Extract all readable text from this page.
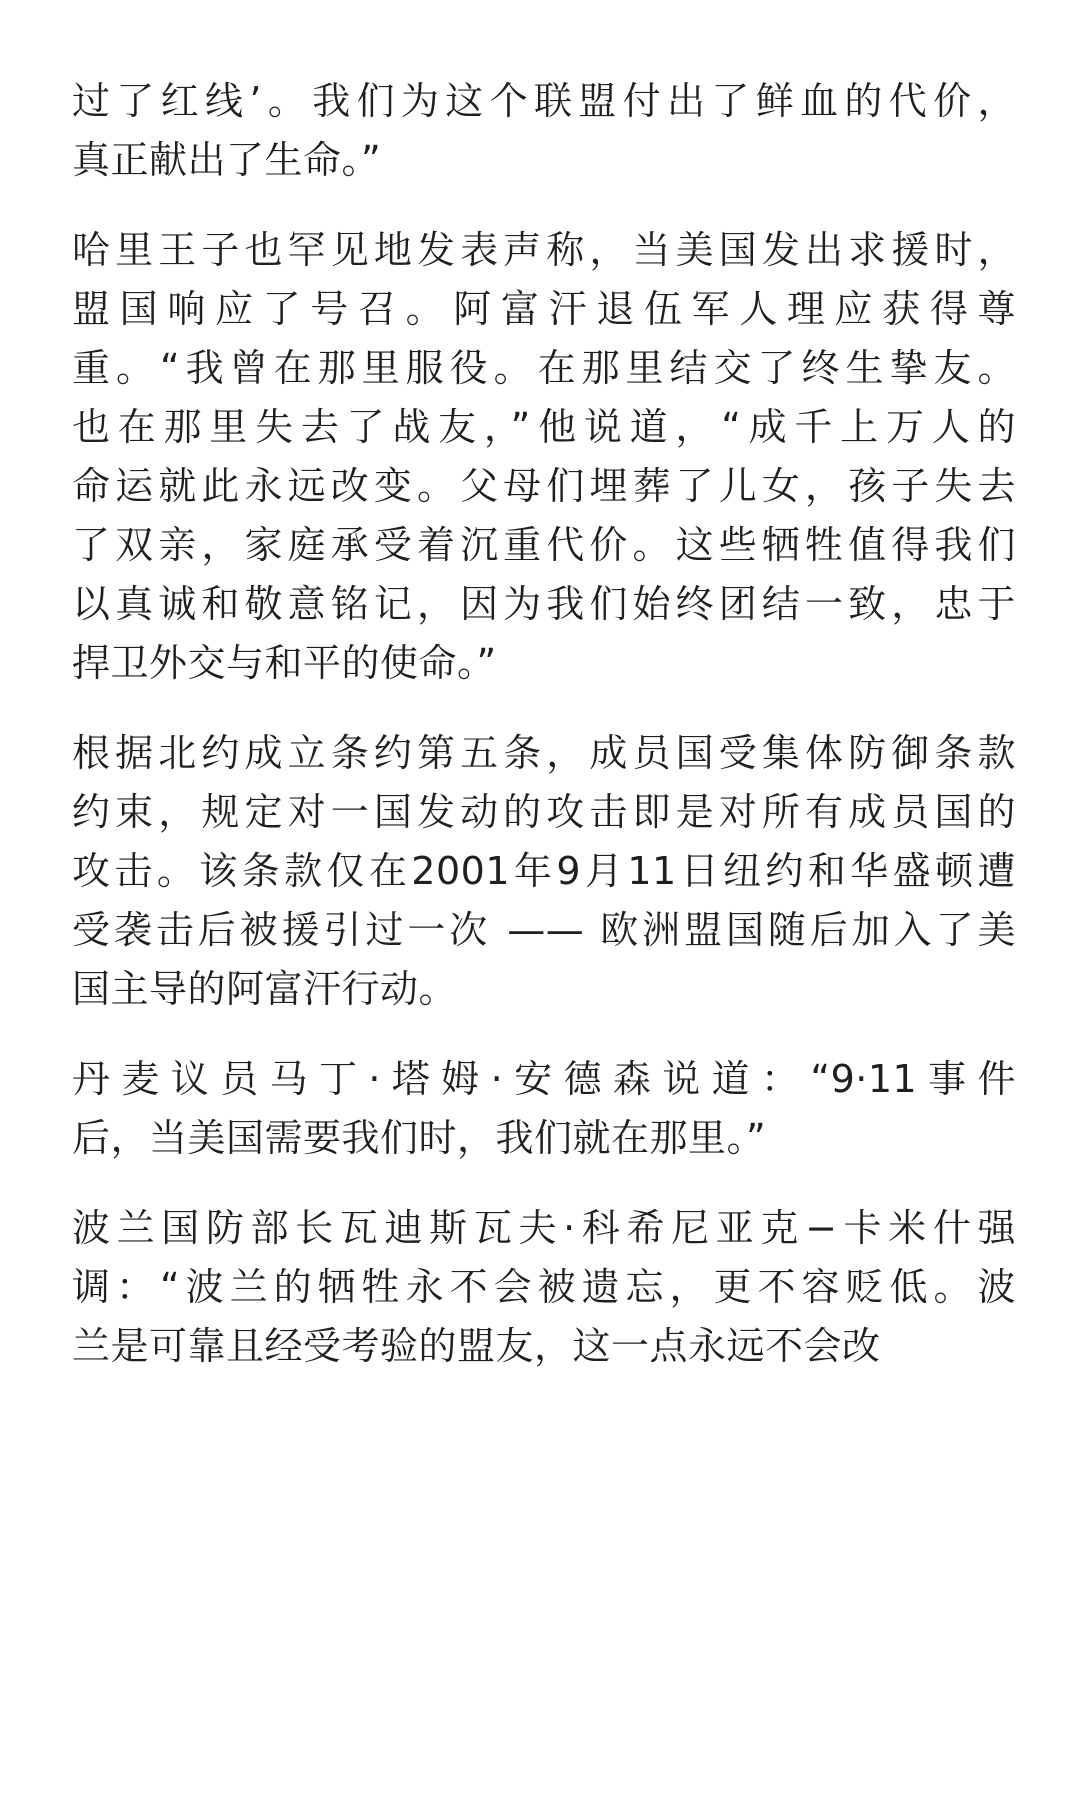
过了红线’。我们为这个联盟付出了鲜血的代价，
真正献出了生命。”

哈里王子也罕见地发表声称，当美国发出求援时，
盟国响应了号召。阿富汗退伍军人理应获得尊
重。“我曾在那里服役。在那里结交了终生挚友。
也在那里失去了战友，”他说道，“成千上万人的
命运就此永远改变。父母们埋葬了儿女，孩子失去
了双亲，家庭承受着沉重代价。这些牺牲值得我们
以真诚和敬意铭记，因为我们始终团结一致，忠于
捍卫外交与和平的使命。”

根据北约成立条约第五条，成员国受集体防御条款
约束，规定对一国发动的攻击即是对所有成员国的
攻击。该条款仅在2001年9月11日纽约和华盛顿遭
受袭击后被援引过一次 —— 欧洲盟国随后加入了美
国主导的阿富汗行动。

丹麦议员马丁·塔姆·安德森说道：“9·11事件
后，当美国需要我们时，我们就在那里。”

波兰国防部长瓦迪斯瓦夫·科希尼亚克−卡米什强
调：“波兰的牺牲永不会被遗忘，更不容贬低。波
兰是可靠且经受考验的盟友，这一点永远不会改
